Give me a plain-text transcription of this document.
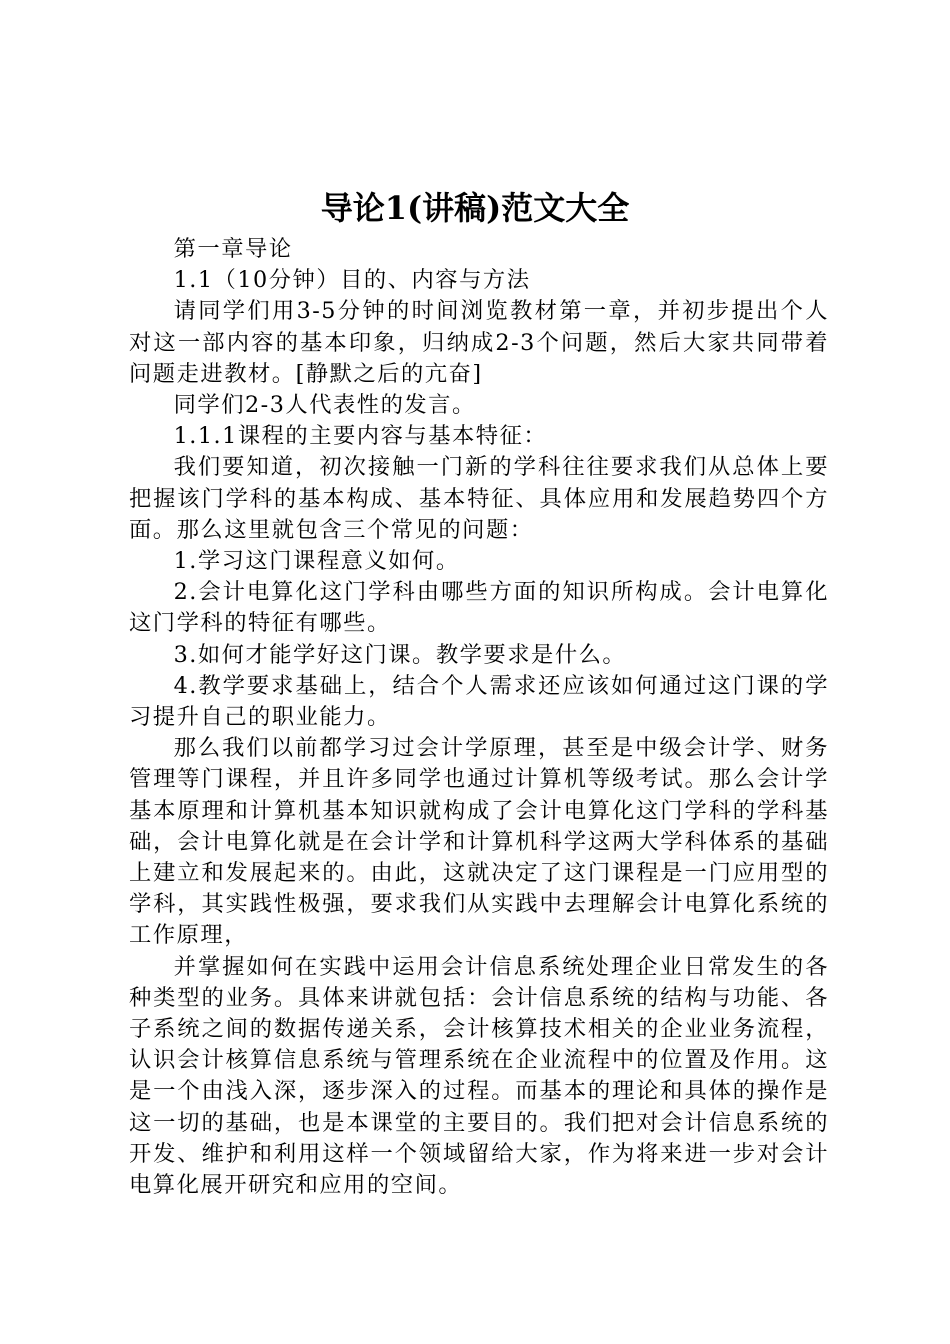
导论1(讲稿)范文大全

第一章导论

1.1（10分钟）目的、内容与方法

请同学们用3-5分钟的时间浏览教材第一章，并初步提出个人对这一部内容的基本印象，归纳成2-3个问题，然后大家共同带着问题走进教材。[静默之后的亢奋]

同学们2-3人代表性的发言。

1.1.1课程的主要内容与基本特征：

我们要知道，初次接触一门新的学科往往要求我们从总体上要把握该门学科的基本构成、基本特征、具体应用和发展趋势四个方面。那么这里就包含三个常见的问题：

1.学习这门课程意义如何。

2.会计电算化这门学科由哪些方面的知识所构成。会计电算化这门学科的特征有哪些。

3.如何才能学好这门课。教学要求是什么。

4.教学要求基础上，结合个人需求还应该如何通过这门课的学习提升自己的职业能力。

那么我们以前都学习过会计学原理，甚至是中级会计学、财务管理等门课程，并且许多同学也通过计算机等级考试。那么会计学基本原理和计算机基本知识就构成了会计电算化这门学科的学科基础，会计电算化就是在会计学和计算机科学这两大学科体系的基础上建立和发展起来的。由此，这就决定了这门课程是一门应用型的学科，其实践性极强，要求我们从实践中去理解会计电算化系统的工作原理，

并掌握如何在实践中运用会计信息系统处理企业日常发生的各种类型的业务。具体来讲就包括：会计信息系统的结构与功能、各子系统之间的数据传递关系，会计核算技术相关的企业业务流程，认识会计核算信息系统与管理系统在企业流程中的位置及作用。这是一个由浅入深，逐步深入的过程。而基本的理论和具体的操作是这一切的基础，也是本课堂的主要目的。我们把对会计信息系统的开发、维护和利用这样一个领域留给大家，作为将来进一步对会计电算化展开研究和应用的空间。
